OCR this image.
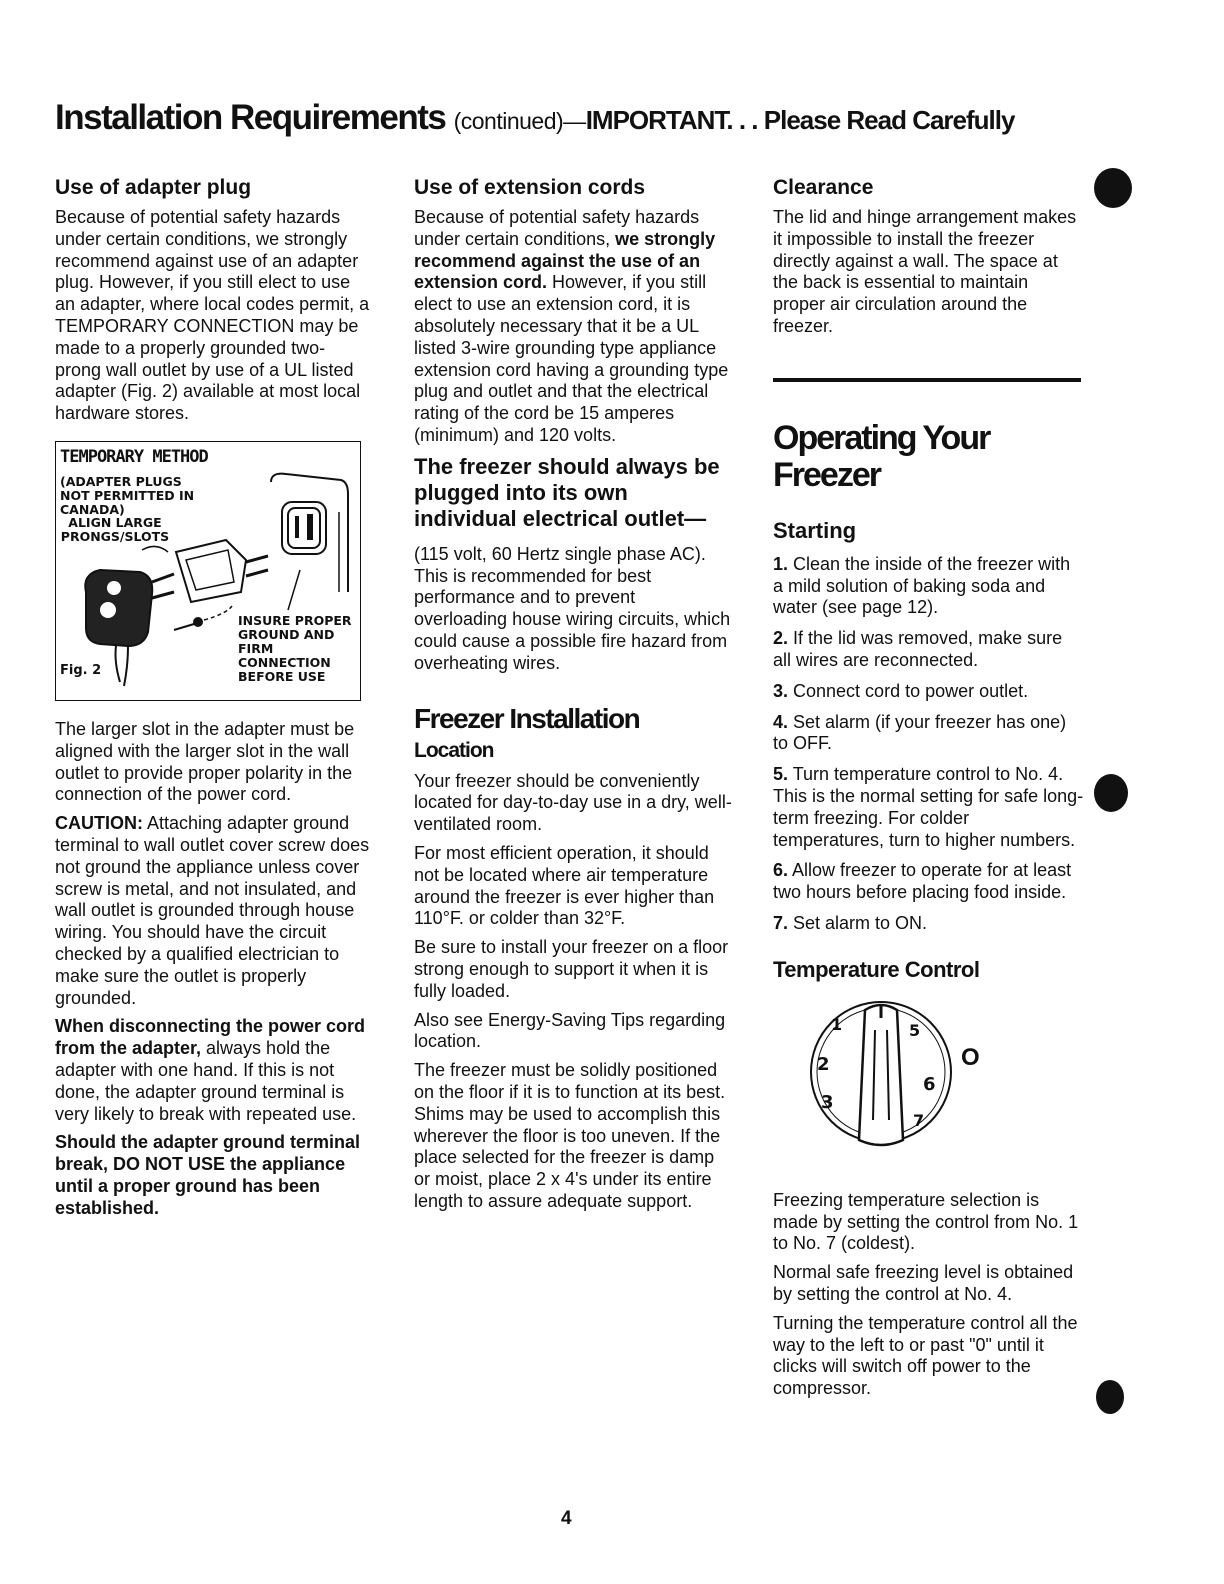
Installation Requirements (continued)—IMPORTANT. . . Please Read Carefully
Use of adapter plug

Because of potential safety hazards under certain conditions, we strongly recommend against use of an adapter plug. However, if you still elect to use an adapter, where local codes permit, a TEMPORARY CONNECTION may be made to a properly grounded two-prong wall outlet by use of a UL listed adapter (Fig. 2) available at most local hardware stores.

TEMPORARY METHOD
(ADAPTER PLUGS NOT PERMITTED IN CANADA)
ALIGN LARGE PRONGS/SLOTS
INSURE PROPER GROUND AND FIRM CONNECTION BEFORE USE
Fig. 2

The larger slot in the adapter must be aligned with the larger slot in the wall outlet to provide proper polarity in the connection of the power cord.

CAUTION: Attaching adapter ground terminal to wall outlet cover screw does not ground the appliance unless cover screw is metal, and not insulated, and wall outlet is grounded through house wiring. You should have the circuit checked by a qualified electrician to make sure the outlet is properly grounded.

When disconnecting the power cord from the adapter, always hold the adapter with one hand. If this is not done, the adapter ground terminal is very likely to break with repeated use.

Should the adapter ground terminal break, DO NOT USE the appliance until a proper ground has been established.

Use of extension cords

Because of potential safety hazards under certain conditions, we strongly recommend against the use of an extension cord. However, if you still elect to use an extension cord, it is absolutely necessary that it be a UL listed 3-wire grounding type appliance extension cord having a grounding type plug and outlet and that the electrical rating of the cord be 15 amperes (minimum) and 120 volts.

The freezer should always be plugged into its own individual electrical outlet—

(115 volt, 60 Hertz single phase AC). This is recommended for best performance and to prevent overloading house wiring circuits, which could cause a possible fire hazard from overheating wires.

Freezer Installation
Location

Your freezer should be conveniently located for day-to-day use in a dry, well-ventilated room.

For most efficient operation, it should not be located where air temperature around the freezer is ever higher than 110°F. or colder than 32°F.

Be sure to install your freezer on a floor strong enough to support it when it is fully loaded.

Also see Energy-Saving Tips regarding location.

The freezer must be solidly positioned on the floor if it is to function at its best. Shims may be used to accomplish this wherever the floor is too uneven. If the place selected for the freezer is damp or moist, place 2 x 4's under its entire length to assure adequate support.

Clearance

The lid and hinge arrangement makes it impossible to install the freezer directly against a wall. The space at the back is essential to maintain proper air circulation around the freezer.

Operating Your
Freezer
Starting

1. Clean the inside of the freezer with a mild solution of baking soda and water (see page 12).

2. If the lid was removed, make sure all wires are reconnected.

3. Connect cord to power outlet.

4. Set alarm (if your freezer has one) to OFF.

5. Turn temperature control to No. 4. This is the normal setting for safe long-term freezing. For colder temperatures, turn to higher numbers.

6. Allow freezer to operate for at least two hours before placing food inside.

7. Set alarm to ON.

Temperature Control
1
2
3
5
6
7
O

Freezing temperature selection is made by setting the control from No. 1 to No. 7 (coldest).

Normal safe freezing level is obtained by setting the control at No. 4.

Turning the temperature control all the way to the left to or past "0" until it clicks will switch off power to the compressor.

4
